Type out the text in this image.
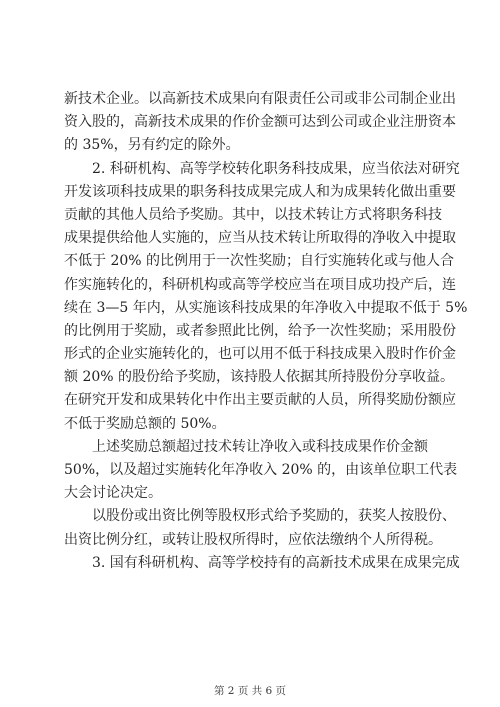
新技术企业。以高新技术成果向有限责任公司或非公司制企业出
资入股的，高新技术成果的作价金额可达到公司或企业注册资本
的 35%，另有约定的除外。
2. 科研机构、高等学校转化职务科技成果，应当依法对研究
开发该项科技成果的职务科技成果完成人和为成果转化做出重要
贡献的其他人员给予奖励。其中，以技术转让方式将职务科技
成果提供给他人实施的，应当从技术转让所取得的净收入中提取
不低于 20% 的比例用于一次性奖励；自行实施转化或与他人合
作实施转化的，科研机构或高等学校应当在项目成功投产后，连
续在 3—5 年内，从实施该科技成果的年净收入中提取不低于 5%
的比例用于奖励，或者参照此比例，给予一次性奖励；采用股份
形式的企业实施转化的，也可以用不低于科技成果入股时作价金
额 20% 的股份给予奖励，该持股人依据其所持股份分享收益。
在研究开发和成果转化中作出主要贡献的人员，所得奖励份额应
不低于奖励总额的 50%。
上述奖励总额超过技术转让净收入或科技成果作价金额
50%，以及超过实施转化年净收入 20% 的，由该单位职工代表
大会讨论决定。
以股份或出资比例等股权形式给予奖励的，获奖人按股份、
出资比例分红，或转让股权所得时，应依法缴纳个人所得税。
3. 国有科研机构、高等学校持有的高新技术成果在成果完成
第 2 页 共 6 页
